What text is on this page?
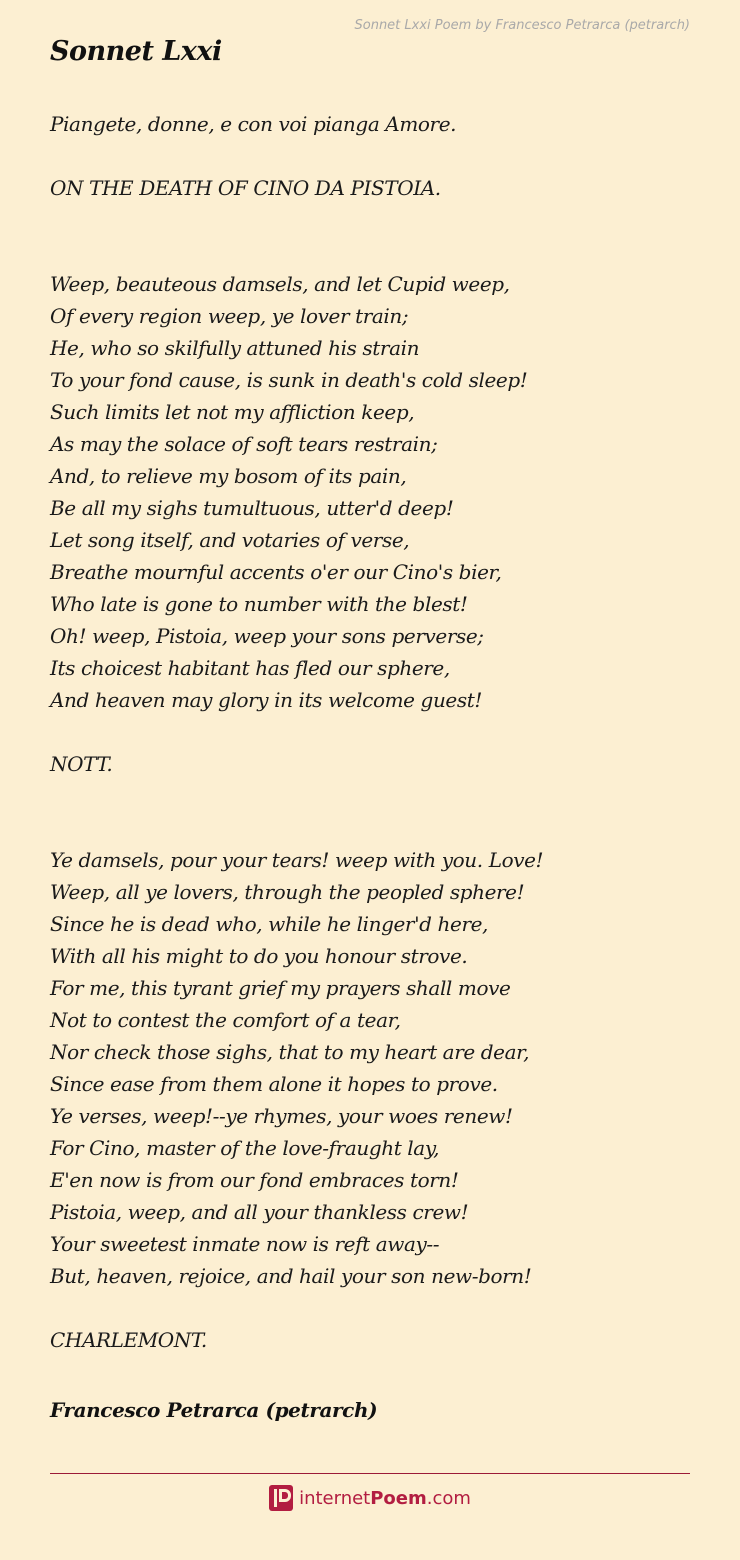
Sonnet Lxxi Poem by Francesco Petrarca (petrarch)
Sonnet Lxxi
Piangete, donne, e con voi pianga Amore.
ON THE DEATH OF CINO DA PISTOIA.
Weep, beauteous damsels, and let Cupid weep,
Of every region weep, ye lover train;
He, who so skilfully attuned his strain
To your fond cause, is sunk in death's cold sleep!
Such limits let not my affliction keep,
As may the solace of soft tears restrain;
And, to relieve my bosom of its pain,
Be all my sighs tumultuous, utter'd deep!
Let song itself, and votaries of verse,
Breathe mournful accents o'er our Cino's bier,
Who late is gone to number with the blest!
Oh! weep, Pistoia, weep your sons perverse;
Its choicest habitant has fled our sphere,
And heaven may glory in its welcome guest!
NOTT.
Ye damsels, pour your tears! weep with you. Love!
Weep, all ye lovers, through the peopled sphere!
Since he is dead who, while he linger'd here,
With all his might to do you honour strove.
For me, this tyrant grief my prayers shall move
Not to contest the comfort of a tear,
Nor check those sighs, that to my heart are dear,
Since ease from them alone it hopes to prove.
Ye verses, weep!--ye rhymes, your woes renew!
For Cino, master of the love-fraught lay,
E'en now is from our fond embraces torn!
Pistoia, weep, and all your thankless crew!
Your sweetest inmate now is reft away--
But, heaven, rejoice, and hail your son new-born!
CHARLEMONT.
Francesco Petrarca (petrarch)
internetPoem.com
